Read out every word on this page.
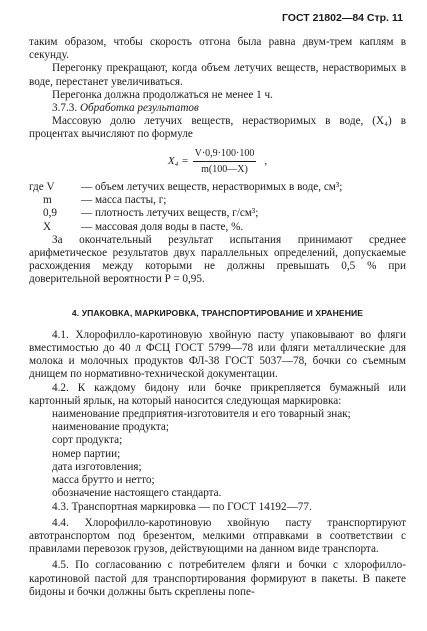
ГОСТ 21802—84 Стр. 11

таким образом, чтобы скорость отгона была равна двум-трем каплям в секунду.

Перегонку прекращают, когда объем летучих веществ, нерастворимых в воде, перестанет увеличиваться.

Перегонка должна продолжаться не менее 1 ч.

3.7.3. Обработка результатов

Массовую долю летучих веществ, нерастворимых в воде, (X₄) в процентах вычисляют по формуле

$X_4 = \frac{V\cdot 0,9\cdot 100\cdot 100}{m(100—X)}$ ,
где V	— объем летучих веществ, нерастворимых в воде, см³;
m	— масса пасты, г;
0,9	— плотность летучих веществ, г/см³;
X	— массовая доля воды в пасте, %.

За окончательный результат испытания принимают среднее арифметическое результатов двух параллельных определений, допускаемые расхождения между которыми не должны превышать 0,5 % при доверительной вероятности P = 0,95.

4. УПАКОВКА, МАРКИРОВКА, ТРАНСПОРТИРОВАНИЕ И ХРАНЕНИЕ

4.1. Хлорофилло-каротиновую хвойную пасту упаковывают во фляги вместимостью до 40 л ФСЦ ГОСТ 5799—78 или фляги металлические для молока и молочных продуктов ФЛ-38 ГОСТ 5037—78, бочки со съемным днищем по нормативно-технической документации.

4.2. К каждому бидону или бочке прикрепляется бумажный или картонный ярлык, на который наносится следующая маркировка:

наименование предприятия-изготовителя и его товарный знак;
наименование продукта;
сорт продукта;
номер партии;
дата изготовления;
масса брутто и нетто;
обозначение настоящего стандарта.

4.3. Транспортная маркировка — по ГОСТ 14192—77.

4.4. Хлорофилло-каротиновую хвойную пасту транспортируют автотранспортом под брезентом, мелкими отправками в соответствии с правилами перевозок грузов, действующими на данном виде транспорта.

4.5. По согласованию с потребителем фляги и бочки с хлорофилло-каротиновой пастой для транспортирования формируют в пакеты. В пакете бидоны и бочки должны быть скреплены попе-
